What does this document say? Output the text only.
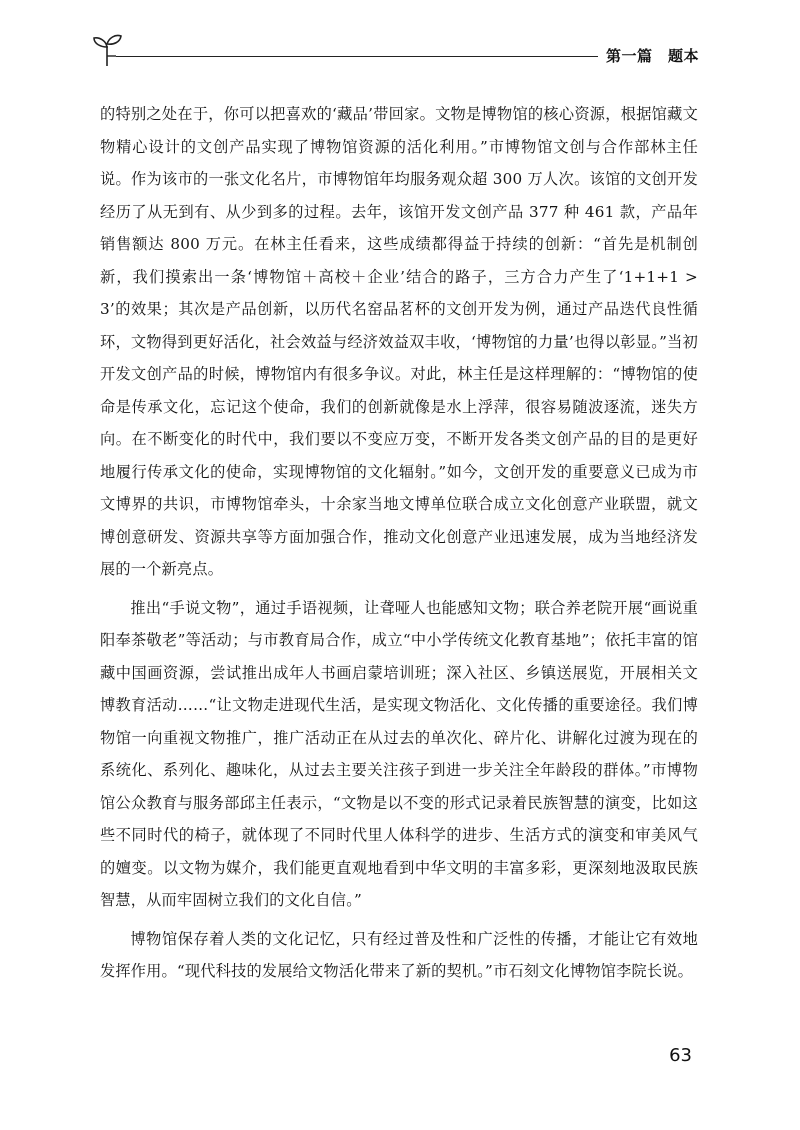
第一篇　题本

的特别之处在于，你可以把喜欢的‘藏品’带回家。文物是博物馆的核心资源，根据馆藏文物精心设计的文创产品实现了博物馆资源的活化利用。”市博物馆文创与合作部林主任说。作为该市的一张文化名片，市博物馆年均服务观众超 300 万人次。该馆的文创开发经历了从无到有、从少到多的过程。去年，该馆开发文创产品 377 种 461 款，产品年销售额达 800 万元。在林主任看来，这些成绩都得益于持续的创新：“首先是机制创新，我们摸索出一条‘博物馆＋高校＋企业’结合的路子，三方合力产生了‘1+1+1 > 3’的效果；其次是产品创新，以历代名窑品茗杯的文创开发为例，通过产品迭代良性循环，文物得到更好活化，社会效益与经济效益双丰收，‘博物馆的力量’也得以彰显。”当初开发文创产品的时候，博物馆内有很多争议。对此，林主任是这样理解的：“博物馆的使命是传承文化，忘记这个使命，我们的创新就像是水上浮萍，很容易随波逐流，迷失方向。在不断变化的时代中，我们要以不变应万变，不断开发各类文创产品的目的是更好地履行传承文化的使命，实现博物馆的文化辐射。”如今，文创开发的重要意义已成为市文博界的共识，市博物馆牵头，十余家当地文博单位联合成立文化创意产业联盟，就文博创意研发、资源共享等方面加强合作，推动文化创意产业迅速发展，成为当地经济发展的一个新亮点。

推出“手说文物”，通过手语视频，让聋哑人也能感知文物；联合养老院开展“画说重阳奉茶敬老”等活动；与市教育局合作，成立“中小学传统文化教育基地”；依托丰富的馆藏中国画资源，尝试推出成年人书画启蒙培训班；深入社区、乡镇送展览，开展相关文博教育活动……“让文物走进现代生活，是实现文物活化、文化传播的重要途径。我们博物馆一向重视文物推广，推广活动正在从过去的单次化、碎片化、讲解化过渡为现在的系统化、系列化、趣味化，从过去主要关注孩子到进一步关注全年龄段的群体。”市博物馆公众教育与服务部邱主任表示，“文物是以不变的形式记录着民族智慧的演变，比如这些不同时代的椅子，就体现了不同时代里人体科学的进步、生活方式的演变和审美风气的嬗变。以文物为媒介，我们能更直观地看到中华文明的丰富多彩，更深刻地汲取民族智慧，从而牢固树立我们的文化自信。”

博物馆保存着人类的文化记忆，只有经过普及性和广泛性的传播，才能让它有效地发挥作用。“现代科技的发展给文物活化带来了新的契机。”市石刻文化博物馆李院长说。

63
